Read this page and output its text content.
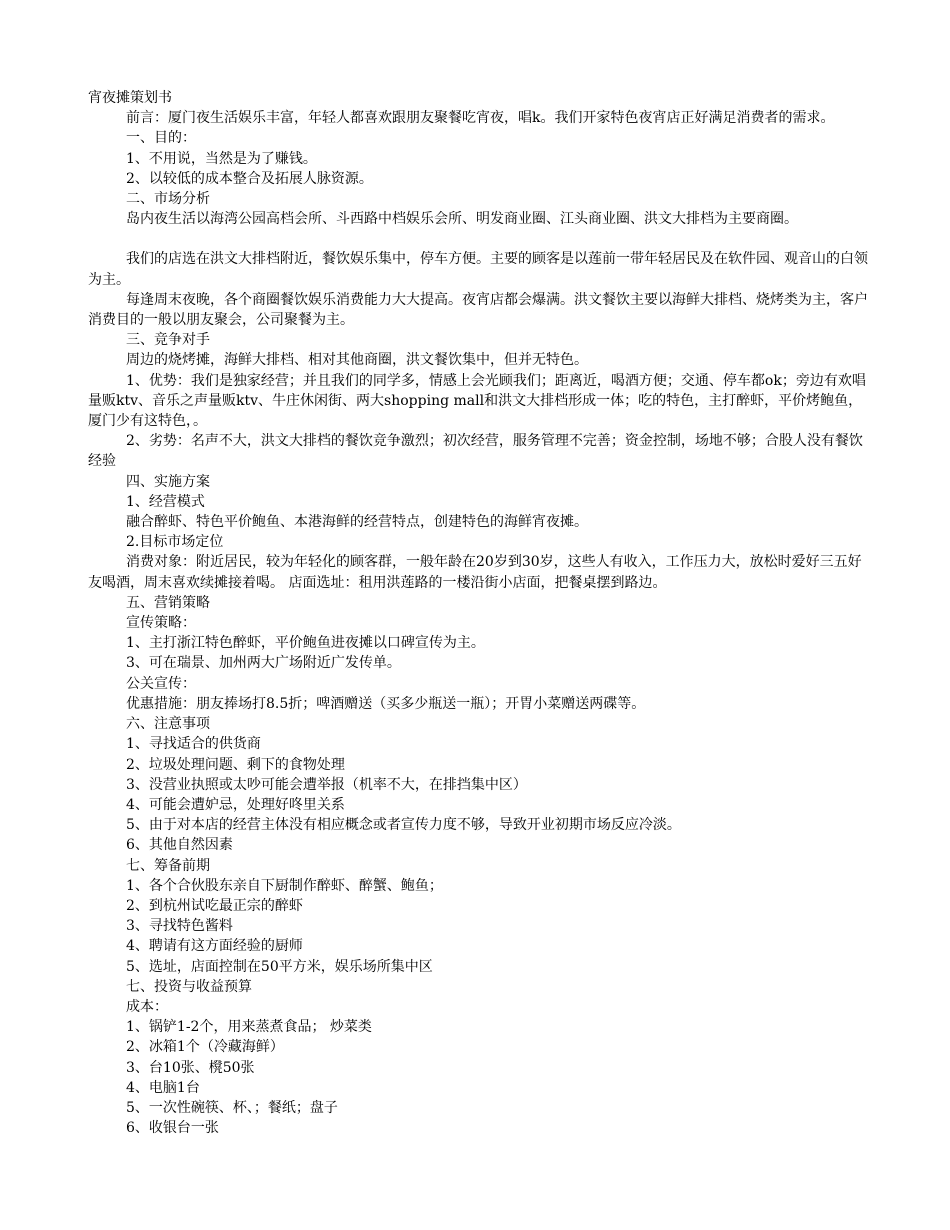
宵夜摊策划书

前言：厦门夜生活娱乐丰富，年轻人都喜欢跟朋友聚餐吃宵夜，唱k。我们开家特色夜宵店正好满足消费者的需求。

一、目的：

1、不用说，当然是为了赚钱。

2、以较低的成本整合及拓展人脉资源。

二、市场分析

岛内夜生活以海湾公园高档会所、斗西路中档娱乐会所、明发商业圈、江头商业圈、洪文大排档为主要商圈。

我们的店选在洪文大排档附近，餐饮娱乐集中，停车方便。主要的顾客是以莲前一带年轻居民及在软件园、观音山的白领为主。

每逢周末夜晚，各个商圈餐饮娱乐消费能力大大提高。夜宵店都会爆满。洪文餐饮主要以海鲜大排档、烧烤类为主，客户消费目的一般以朋友聚会，公司聚餐为主。

三、竞争对手

周边的烧烤摊，海鲜大排档、相对其他商圈，洪文餐饮集中，但并无特色。

1、优势：我们是独家经营；并且我们的同学多，情感上会光顾我们；距离近，喝酒方便；交通、停车都ok；旁边有欢唱量贩ktv、音乐之声量贩ktv、牛庄休闲街、两大shopping mall和洪文大排档形成一体；吃的特色，主打醉虾，平价烤鲍鱼，厦门少有这特色，。

2、劣势：名声不大，洪文大排档的餐饮竞争激烈；初次经营，服务管理不完善；资金控制，场地不够；合股人没有餐饮经验

四、实施方案

1、经营模式

融合醉虾、特色平价鲍鱼、本港海鲜的经营特点，创建特色的海鲜宵夜摊。

2.目标市场定位

消费对象：附近居民，较为年轻化的顾客群，一般年龄在20岁到30岁，这些人有收入，工作压力大，放松时爱好三五好友喝酒，周末喜欢续摊接着喝。 店面选址：租用洪莲路的一楼沿街小店面，把餐桌摆到路边。

五、营销策略

宣传策略：

1、主打浙江特色醉虾，平价鲍鱼进夜摊以口碑宣传为主。

3、可在瑞景、加州两大广场附近广发传单。

公关宣传：

优惠措施：朋友捧场打8.5折；啤酒赠送（买多少瓶送一瓶）；开胃小菜赠送两碟等。

六、注意事项

1、寻找适合的供货商

2、垃圾处理问题、剩下的食物处理

3、没营业执照或太吵可能会遭举报（机率不大，在排挡集中区）

4、可能会遭妒忌，处理好咚里关系

5、由于对本店的经营主体没有相应概念或者宣传力度不够，导致开业初期市场反应冷淡。

6、其他自然因素

七、筹备前期

1、各个合伙股东亲自下厨制作醉虾、醉蟹、鲍鱼；

2、到杭州试吃最正宗的醉虾

3、寻找特色酱料

4、聘请有这方面经验的厨师

5、选址，店面控制在50平方米，娱乐场所集中区

七、投资与收益预算

成本：

1、锅铲1-2个，用来蒸煮食品； 炒菜类

2、冰箱1个（冷藏海鲜）

3、台10张、櫈50张

4、电脑1台

5、一次性碗筷、杯、；餐纸；盘子

6、收银台一张
